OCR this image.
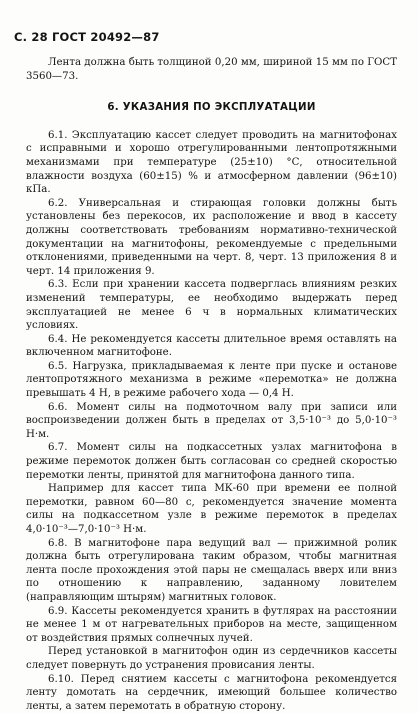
С. 28 ГОСТ 20492—87

Лента должна быть толщиной 0,20 мм, шириной 15 мм по ГОСТ 3560—73.

6. УКАЗАНИЯ ПО ЭКСПЛУАТАЦИИ

6.1. Эксплуатацию кассет следует проводить на магнитофонах с исправными и хорошо отрегулированными лентопротяжными механизмами при температуре (25±10) °С, относительной влажности воздуха (60±15) % и атмосферном давлении (96±10) кПа.

6.2. Универсальная и стирающая головки должны быть установлены без перекосов, их расположение и ввод в кассету должны соответствовать требованиям нормативно-технической документации на магнитофоны, рекомендуемые с предельными отклонениями, приведенными на черт. 8, черт. 13 приложения 8 и черт. 14 приложения 9.

6.3. Если при хранении кассета подверглась влияниям резких изменений температуры, ее необходимо выдержать перед эксплуатацией не менее 6 ч в нормальных климатических условиях.

6.4. Не рекомендуется кассеты длительное время оставлять на включенном магнитофоне.

6.5. Нагрузка, прикладываемая к ленте при пуске и останове лентопротяжного механизма в режиме «перемотка» не должна превышать 4 Н, в режиме рабочего хода — 0,4 Н.

6.6. Момент силы на подмоточном валу при записи или воспроизведении должен быть в пределах от 3,5·10⁻³ до 5,0·10⁻³ Н·м.

6.7. Момент силы на подкассетных узлах магнитофона в режиме перемоток должен быть согласован со средней скоростью перемотки ленты, принятой для магнитофона данного типа.

Например для кассет типа МК-60 при времени ее полной перемотки, равном 60—80 с, рекомендуется значение момента силы на подкассетном узле в режиме перемоток в пределах 4,0·10⁻³—7,0·10⁻³ Н·м.

6.8. В магнитофоне пара ведущий вал — прижимной ролик должна быть отрегулирована таким образом, чтобы магнитная лента после прохождения этой пары не смещалась вверх или вниз по отношению к направлению, заданному ловителем (направляющим штырям) магнитных головок.

6.9. Кассеты рекомендуется хранить в футлярах на расстоянии не менее 1 м от нагревательных приборов на месте, защищенном от воздействия прямых солнечных лучей.

Перед установкой в магнитофон один из сердечников кассеты следует повернуть до устранения провисания ленты.

6.10. Перед снятием кассеты с магнитофона рекомендуется ленту домотать на сердечник, имеющий большее количество ленты, а затем перемотать в обратную сторону.
